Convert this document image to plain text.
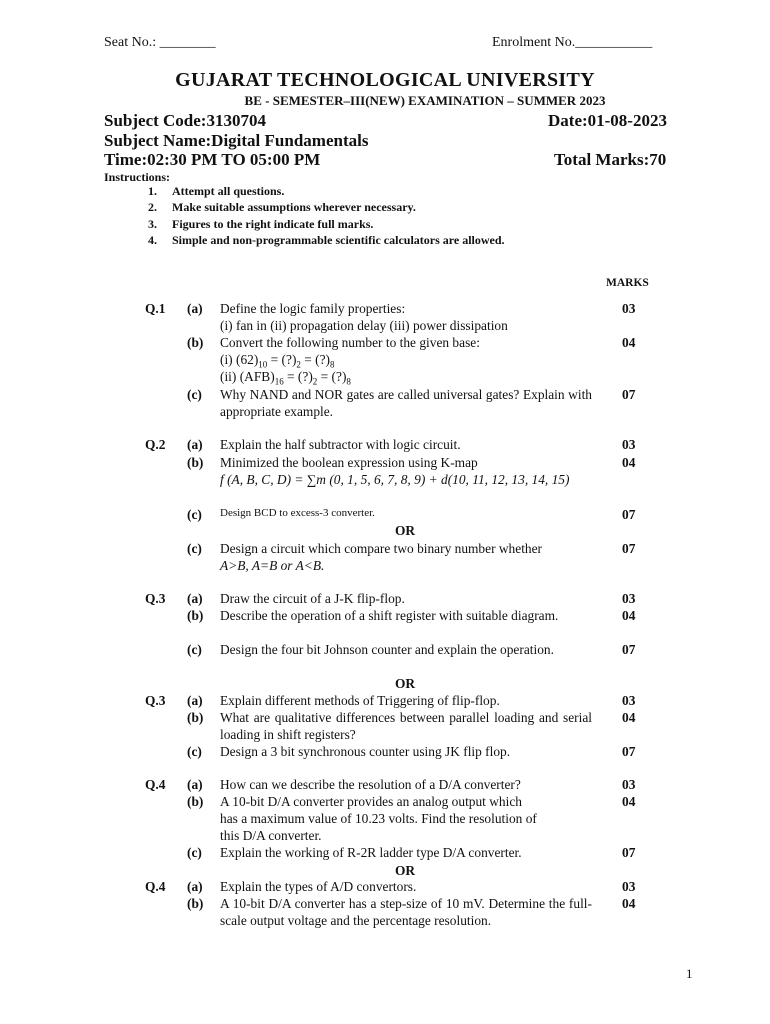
Seat No.: ________	Enrolment No.___________
GUJARAT TECHNOLOGICAL UNIVERSITY
BE - SEMESTER–III(NEW) EXAMINATION – SUMMER 2023
Subject Code:3130704	Date:01-08-2023
Subject Name:Digital Fundamentals
Time:02:30 PM TO 05:00 PM	Total Marks:70
Instructions:
1. Attempt all questions.
2. Make suitable assumptions wherever necessary.
3. Figures to the right indicate full marks.
4. Simple and non-programmable scientific calculators are allowed.
MARKS
Q.1 (a) Define the logic family properties:
(i) fan in (ii) propagation delay (iii) power dissipation
03
(b) Convert the following number to the given base:
(i) $(62)_{10}$ = $(?)_2$ = $(?)_8$
(ii) $(AFB)_{16}$ = $(?)_2$ = $(?)_8$
04
(c) Why NAND and NOR gates are called universal gates? Explain with appropriate example.
07
Q.2 (a) Explain the half subtractor with logic circuit.	03
(b) Minimized the boolean expression using K-map
f (A, B, C, D) = ∑m (0, 1, 5, 6, 7, 8, 9) + d(10, 11, 12, 13, 14, 15)
04
(c) Design BCD to excess-3 converter.	07
OR
(c) Design a circuit which compare two binary number whether
A>B, A=B or A<B.
07
Q.3 (a) Draw the circuit of a J-K flip-flop.	03
(b) Describe the operation of a shift register with suitable diagram.	04
(c) Design the four bit Johnson counter and explain the operation.	07
OR
Q.3 (a) Explain different methods of Triggering of flip-flop.	03
(b) What are qualitative differences between parallel loading and serial loading in shift registers?
04
(c) Design a 3 bit synchronous counter using JK flip flop.	07
Q.4 (a) How can we describe the resolution of a D/A converter?	03
(b) A 10-bit D/A converter provides an analog output which
has a maximum value of 10.23 volts. Find the resolution of
this D/A converter.
04
(c) Explain the working of R-2R ladder type D/A converter.	07
OR
Q.4 (a) Explain the types of A/D convertors.	03
(b) A 10-bit D/A converter has a step-size of 10 mV. Determine the full-scale output voltage and the percentage resolution.
04
1
